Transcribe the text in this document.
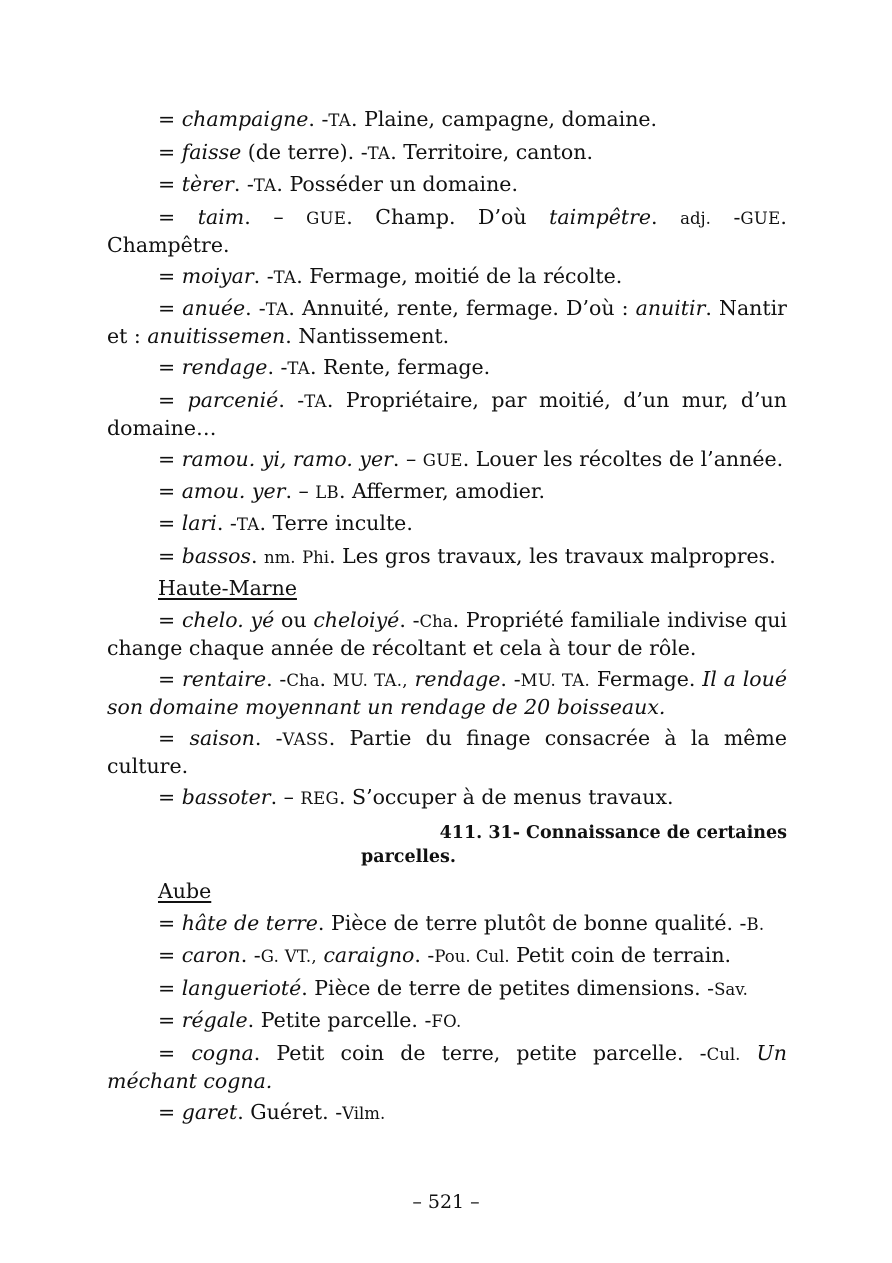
= champaigne. -TA. Plaine, campagne, domaine.

= faisse (de terre). -TA. Territoire, canton.

= tèrer. -TA. Posséder un domaine.

= taim. – GUE. Champ. D’où taimpêtre. adj. -GUE. Champêtre.

= moiyar. -TA. Fermage, moitié de la récolte.

= anuée. -TA. Annuité, rente, fermage. D’où : anuitir. Nantir et : anuitissemen. Nantissement.

= rendage. -TA. Rente, fermage.

= parcenié. -TA. Propriétaire, par moitié, d’un mur, d’un domaine…

= ramou. yi, ramo. yer. – GUE. Louer les récoltes de l’année.

= amou. yer. – LB. Affermer, amodier.

= lari. -TA. Terre inculte.

= bassos. nm. Phi. Les gros travaux, les travaux malpropres.

Haute-Marne

= chelo. yé ou cheloiyé. -Cha. Propriété familiale indivise qui change chaque année de récoltant et cela à tour de rôle.

= rentaire. -Cha. MU. TA., rendage. -MU. TA. Fermage. Il a loué son domaine moyennant un rendage de 20 boisseaux.

= saison. -VASS. Partie du finage consacrée à la même culture.

= bassoter. – REG. S’occuper à de menus travaux.

411. 31- Connaissance de certaines
parcelles.

Aube

= hâte de terre. Pièce de terre plutôt de bonne qualité. -B.

= caron. -G. VT., caraigno. -Pou. Cul. Petit coin de terrain.

= languerioté. Pièce de terre de petites dimensions. -Sav.

= régale. Petite parcelle. -FO.

= cogna. Petit coin de terre, petite parcelle. -Cul. Un méchant cogna.

= garet. Guéret. -Vilm.

– 521 –
